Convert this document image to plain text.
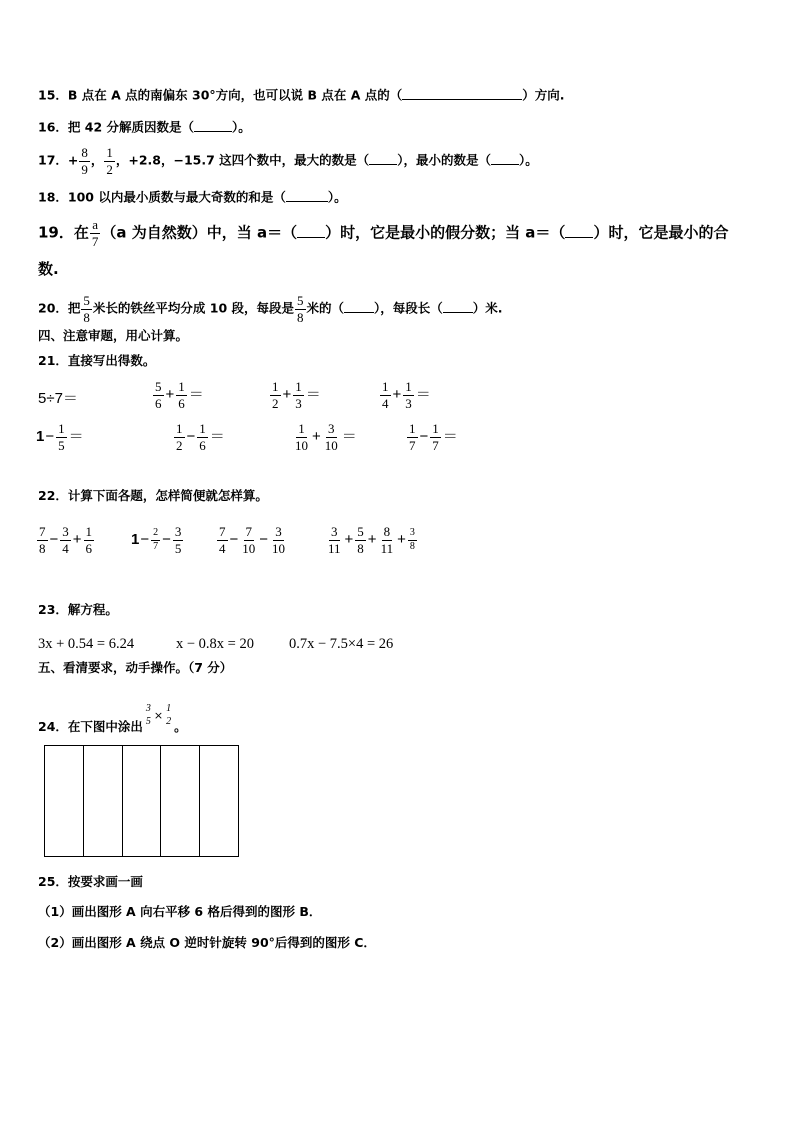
15．B 点在 A 点的南偏东 30°方向，也可以说 B 点在 A 点的（	）方向.
16．把 42 分解质因数是（	）。
17．+ $\frac{8}{9}$ ， $\frac{1}{2}$ ，+2.8，−15.7 这四个数中，最大的数是（ ），最小的数是（ ）。
18．100 以内最小质数与最大奇数的和是（	）。
19．在 $\frac{a}{7} (a$ 为自然数）中，当 a＝（ ）时，它是最小的假分数；当 a＝（ ）时，它是最小的合
数.
20．把 $\frac{5}{8}$ 米长的铁丝平均分成 10 段，每段是 $\frac{5}{8}$ 米的（ ），每段长（ ）米.
四、注意审题，用心计算。
21．直接写出得数。
5÷7＝	$\frac{5}{6} + \frac{1}{6}$ ＝	$\frac{1}{2} + \frac{1}{3}$ ＝	$\frac{1}{4} + \frac{1}{3}$ ＝
$1- \frac{1}{5}$ ＝	$\frac{1}{2} - \frac{1}{6}$ ＝	$\frac{1}{10} + \frac{3}{10}$ ＝	$\frac{1}{7} - \frac{1}{7}$ ＝
22．计算下面各题，怎样简便就怎样算。
$\frac{7}{8} - \frac{3}{4} + \frac{1}{6} 1- \frac{2}{7} - \frac{3}{5}$	$\frac{7}{4} - \frac{7}{10} - \frac{3}{10}$	$\frac{3}{11} + \frac{5}{8} + \frac{8}{11} + \frac{3}{8}$
23．解方程。
3x + 0.54 = 6.24	x − 0.8x = 20 0.7x − 7.5×4 = 26
五、看清要求，动手操作。（7 分）
24．在下图中涂出
3
5 ×
1
2 。
25．按要求画一画
（1）画出图形 A 向右平移 6 格后得到的图形 B．
（2）画出图形 A 绕点 O 逆时针旋转 90°后得到的图形 C．
